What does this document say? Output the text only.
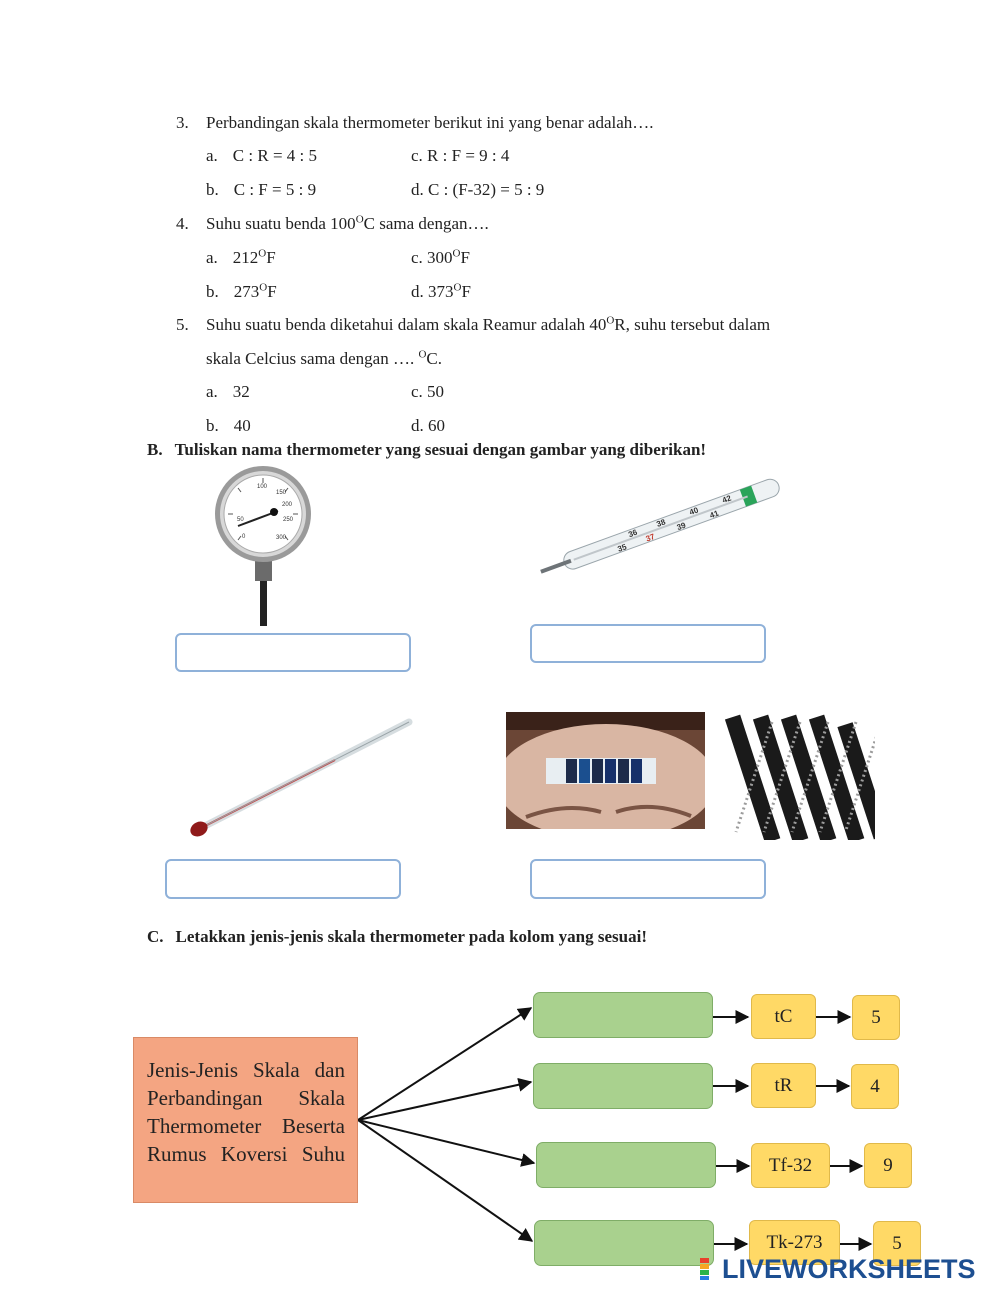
3. Perbandingan skala thermometer berikut ini yang benar adalah….
a. C : R = 4 : 5	c. R : F = 9 : 4
b. C : F = 5 : 9	d. C : (F-32) = 5 : 9
4. Suhu suatu benda $100^OC$ sama dengan….
a. $212^OF$	c. $300^OF$
b. $273^OF$	d. $373^OF$
5. Suhu suatu benda diketahui dalam skala Reamur adalah $40^OR$, suhu tersebut dalam
skala Celcius sama dengan …. $^O$C.
a. 32	c. 50
b. 40	d. 60
B. Tuliskan nama thermometer yang sesuai dengan gambar yang diberikan!
100
150
200
250
50
0	300
35
36 37
38 39
40 41
42
C. Letakkan jenis-jenis skala thermometer pada kolom yang sesuai!
Jenis-Jenis Skala dan Perbandingan Skala Thermometer Beserta Rumus Koversi Suhu
tC	5
tR	4
Tf-32	9
Tk-273	5
LIVEWORKSHEETS
